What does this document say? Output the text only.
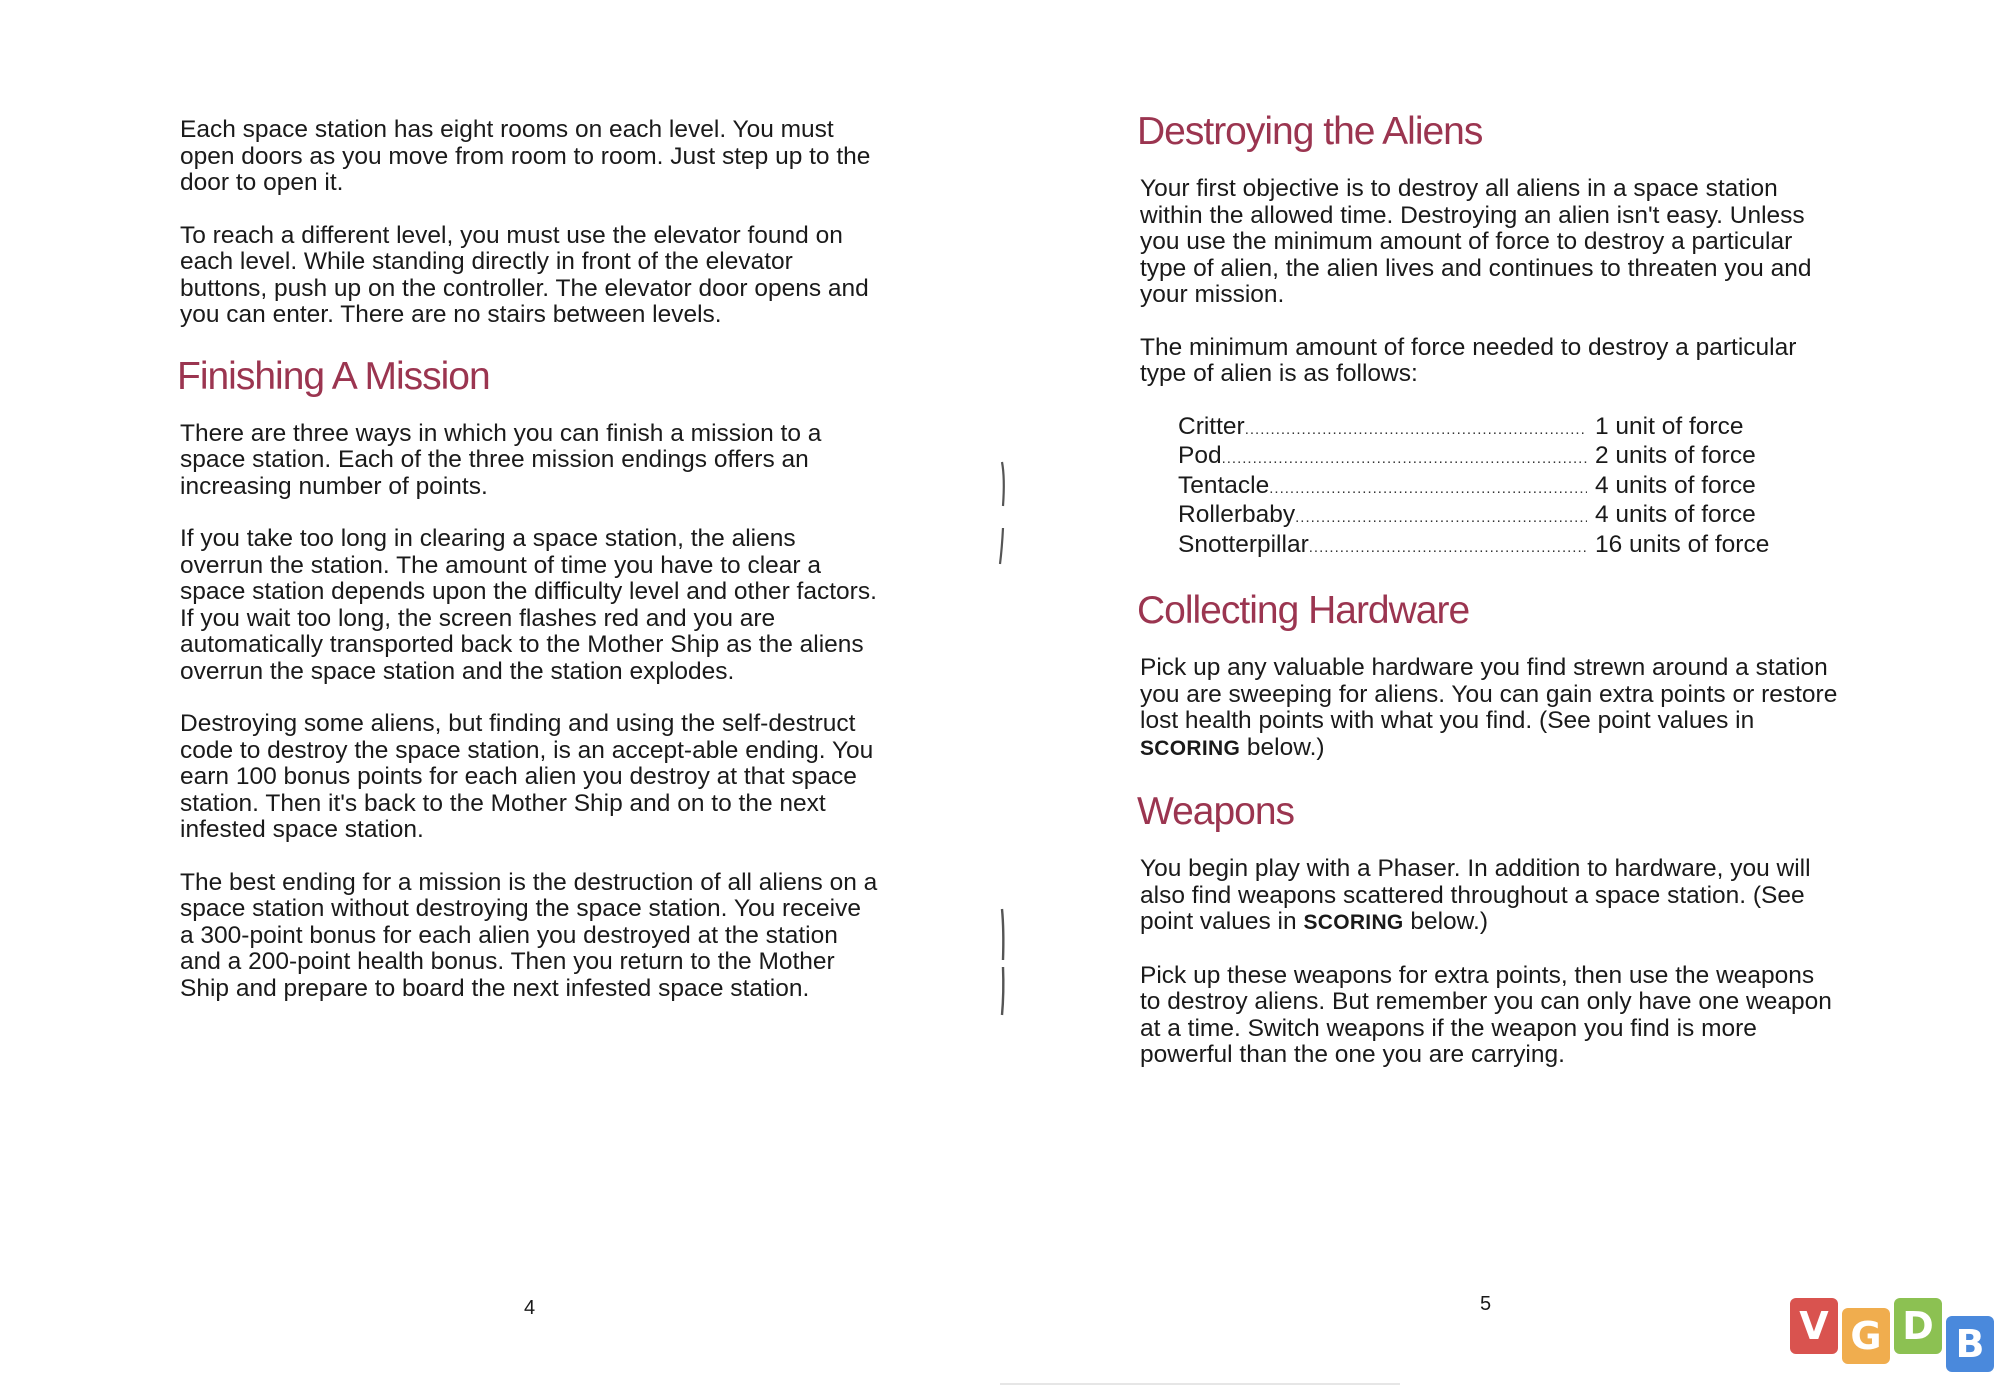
Each space station has eight rooms on each level. You must open doors as you move from room to room. Just step up to the door to open it.

To reach a different level, you must use the elevator found on each level. While standing directly in front of the elevator buttons, push up on the controller. The elevator door opens and you can enter. There are no stairs between levels.

Finishing A Mission

There are three ways in which you can finish a mission to a space station. Each of the three mission endings offers an increasing number of points.

If you take too long in clearing a space station, the aliens overrun the station. The amount of time you have to clear a space station depends upon the difficulty level and other factors. If you wait too long, the screen flashes red and you are automatically transported back to the Mother Ship as the aliens overrun the space station and the station explodes.

Destroying some aliens, but finding and using the self-destruct code to destroy the space station, is an accept-able ending. You earn 100 bonus points for each alien you destroy at that space station. Then it's back to the Mother Ship and on to the next infested space station.

The best ending for a mission is the destruction of all aliens on a space station without destroying the space station. You receive a 300-point bonus for each alien you destroyed at the station and a 200-point health bonus. Then you return to the Mother Ship and prepare to board the next infested space station.

4
Destroying the Aliens

Your first objective is to destroy all aliens in a space station within the allowed time. Destroying an alien isn't easy. Unless you use the minimum amount of force to destroy a particular type of alien, the alien lives and continues to threaten you and your mission.

The minimum amount of force needed to destroy a particular type of alien is as follows:

Critter .....	1 unit of force
Pod .....	2 units of force
Tentacle .....	4 units of force
Rollerbaby .....	4 units of force
Snotterpillar .....	16 units of force
Collecting Hardware

Pick up any valuable hardware you find strewn around a station you are sweeping for aliens. You can gain extra points or restore lost health points with what you find. (See point values in SCORING below.)

Weapons

You begin play with a Phaser. In addition to hardware, you will also find weapons scattered throughout a space station. (See point values in SCORING below.)

Pick up these weapons for extra points, then use the weapons to destroy aliens. But remember you can only have one weapon at a time. Switch weapons if the weapon you find is more powerful than the one you are carrying.

5	V G D B
